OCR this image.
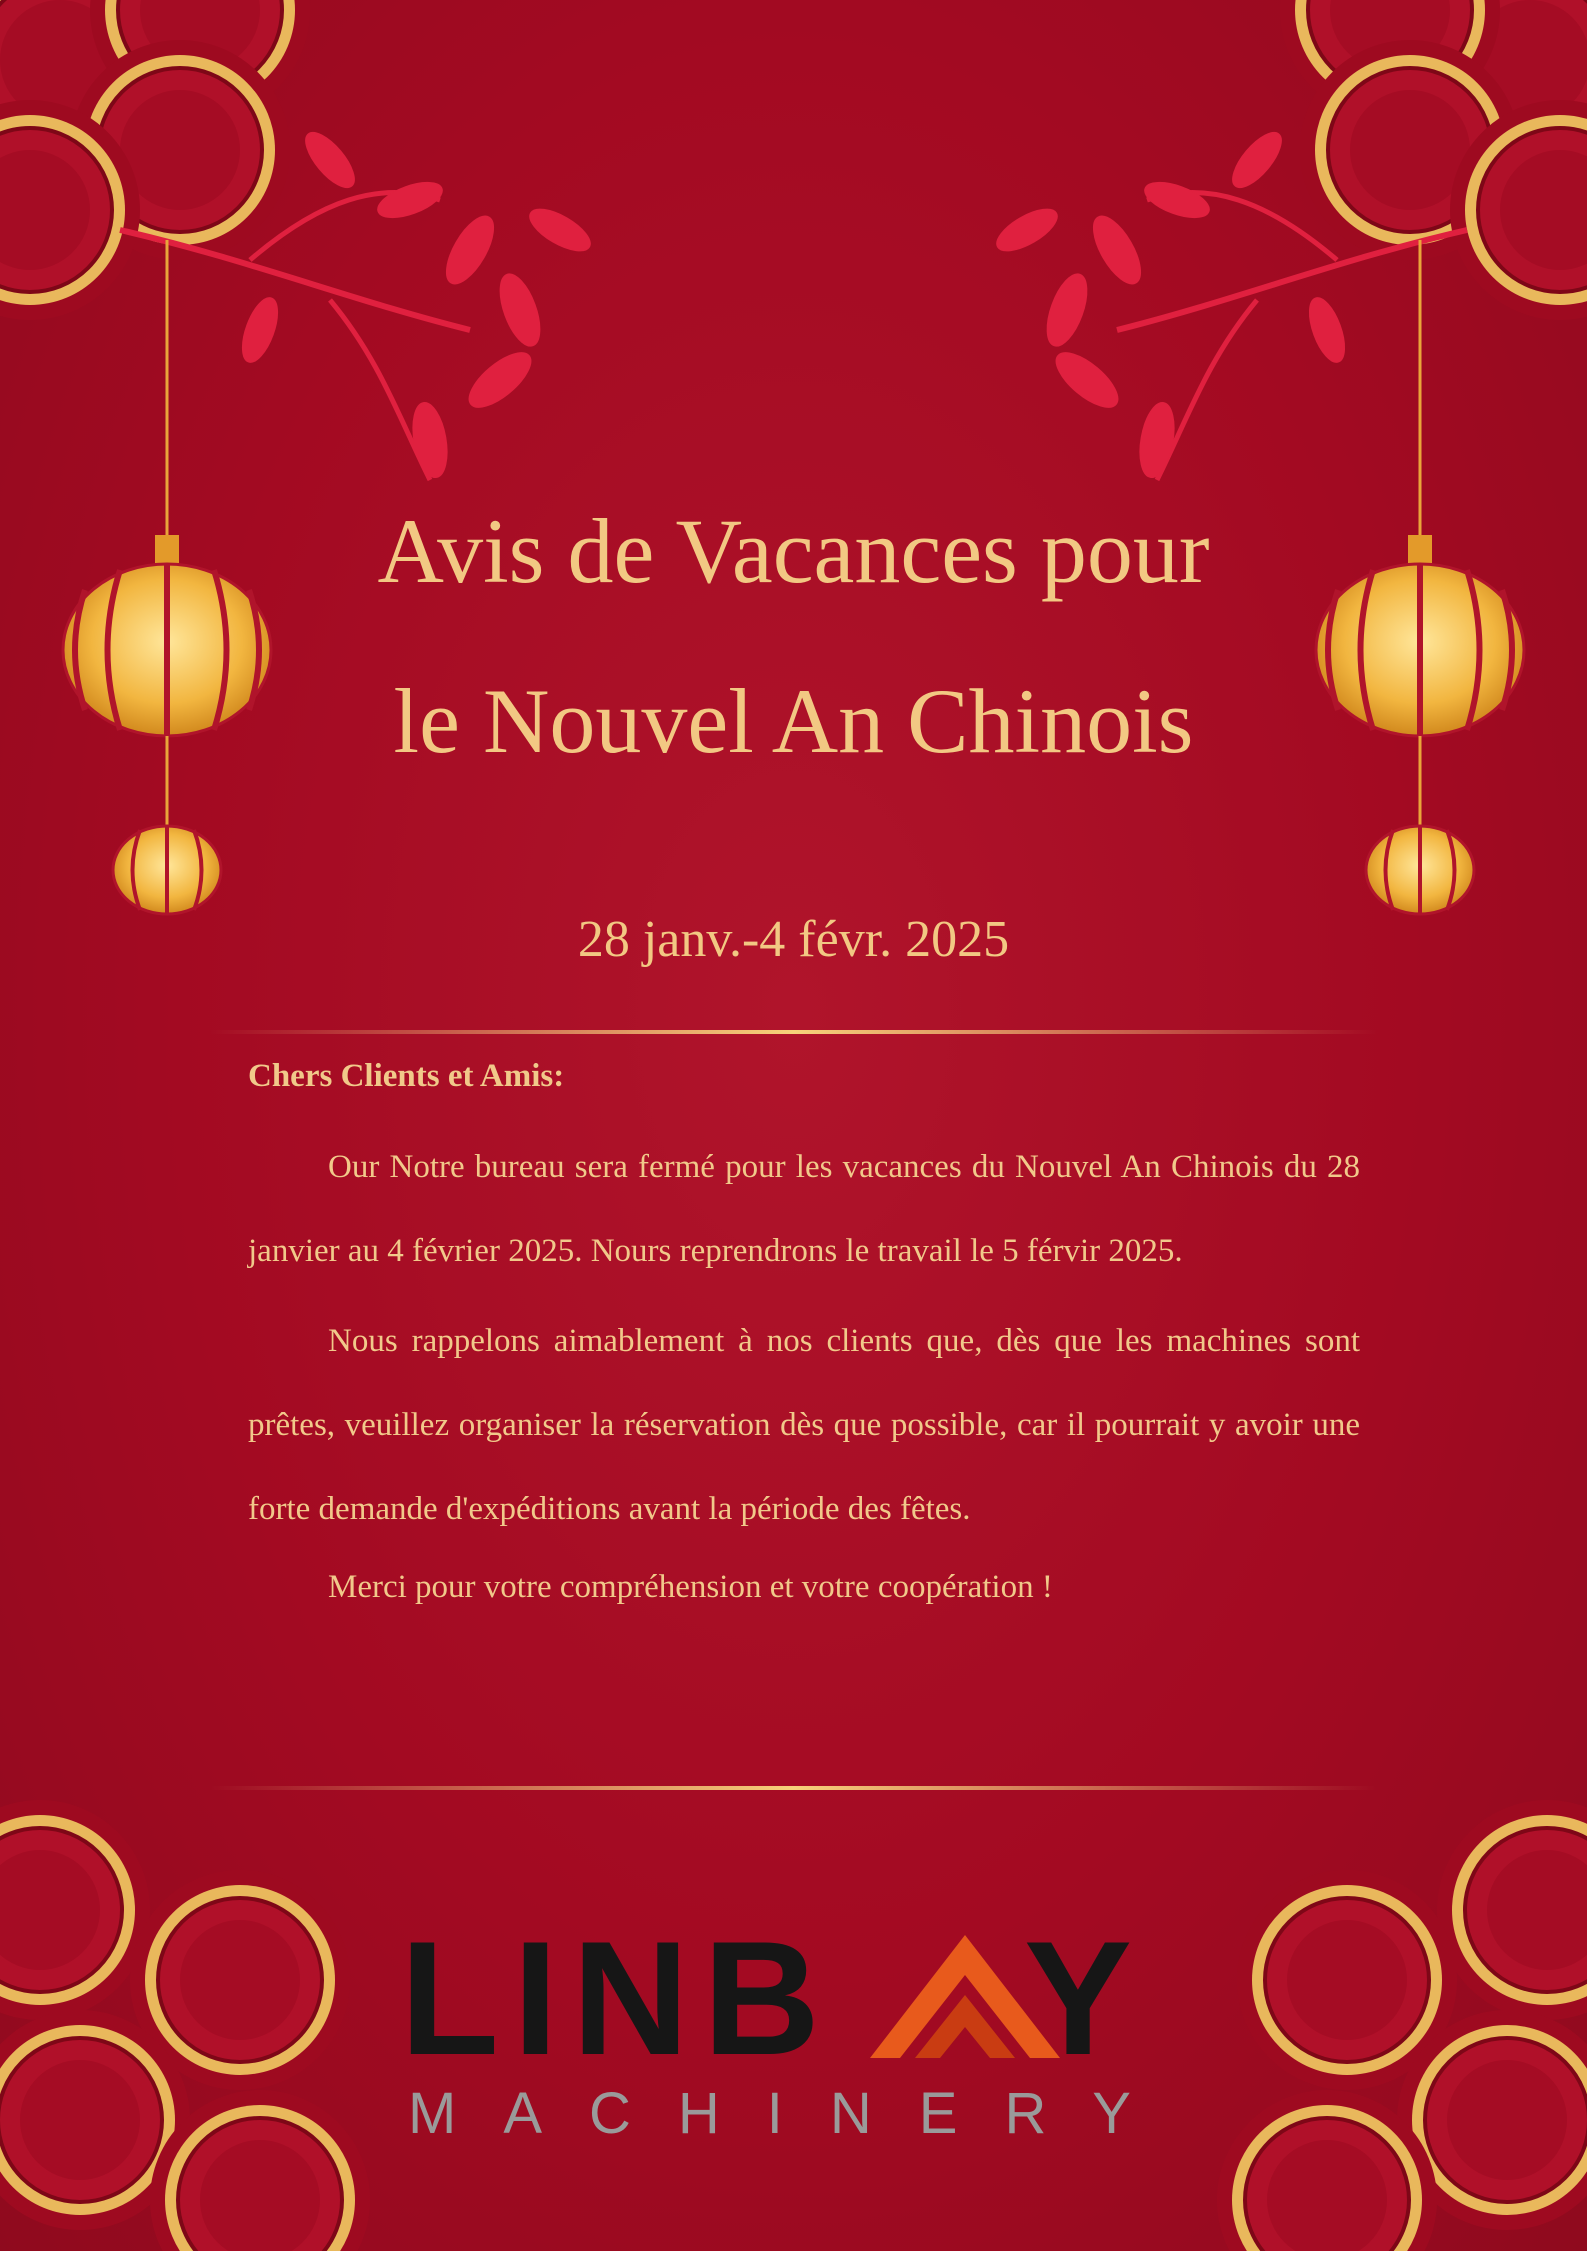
Avis de Vacances pour
le Nouvel An Chinois
28 janv.-4 févr. 2025

Chers Clients et Amis:

Our Notre bureau sera fermé pour les vacances du Nouvel An Chinois du 28 janvier au 4 février 2025. Nours reprendrons le travail le 5 férvir 2025.

Nous rappelons aimablement à nos clients que, dès que les machines sont prêtes, veuillez organiser la réservation dès que possible, car il pourrait y avoir une forte demande d'expéditions avant la période des fêtes.

Merci pour votre compréhension et votre coopération !

LINB Y
MACHINERY
